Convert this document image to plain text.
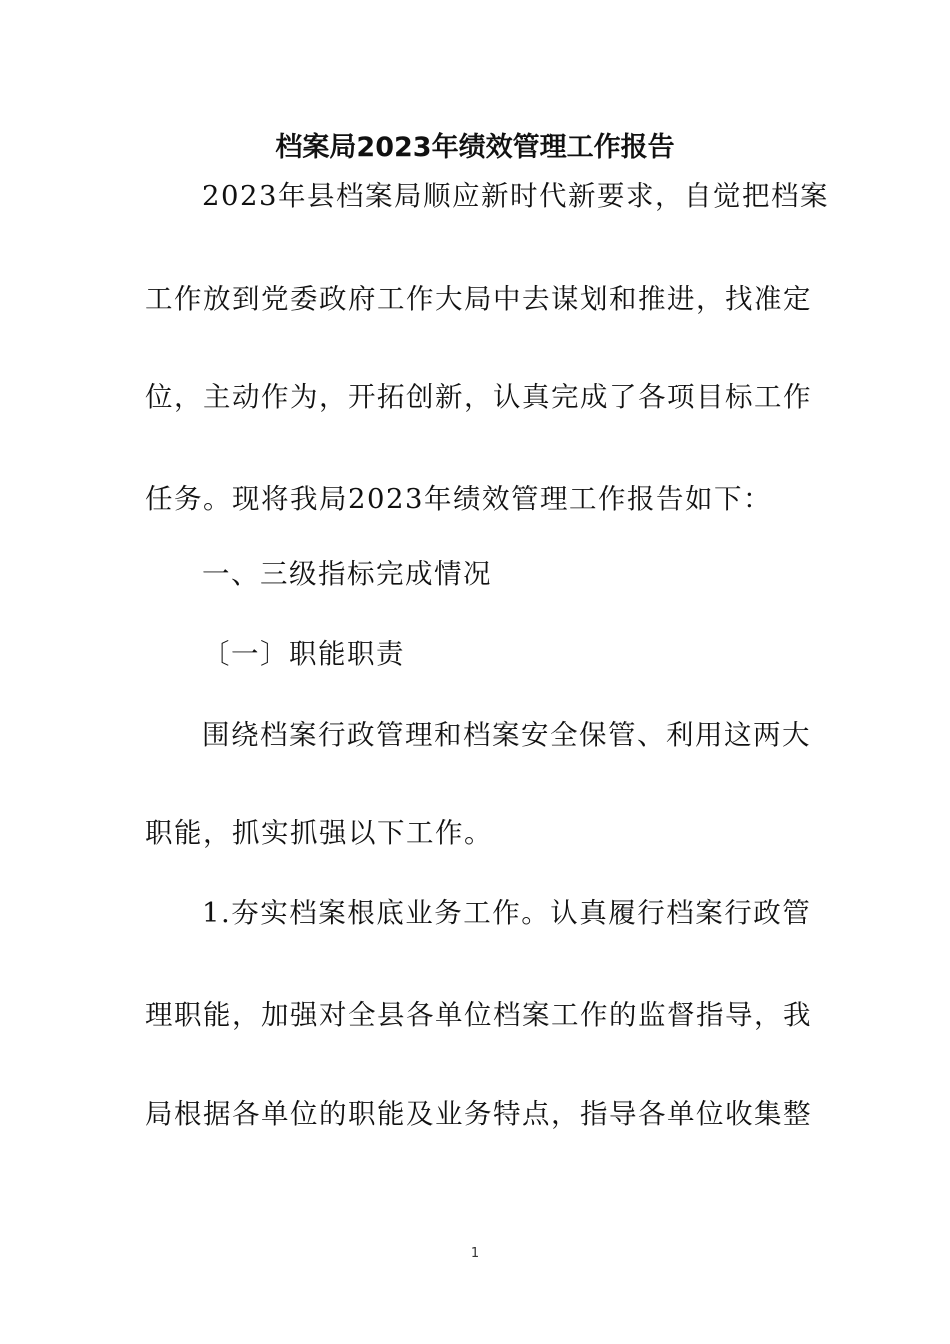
档案局2023年绩效管理工作报告
2023年县档案局顺应新时代新要求，自觉把档案
工作放到党委政府工作大局中去谋划和推进，找准定
位，主动作为，开拓创新，认真完成了各项目标工作
任务。现将我局2023年绩效管理工作报告如下：
一、三级指标完成情况
〔一〕职能职责
围绕档案行政管理和档案安全保管、利用这两大
职能，抓实抓强以下工作。
1.夯实档案根底业务工作。认真履行档案行政管
理职能，加强对全县各单位档案工作的监督指导，我
局根据各单位的职能及业务特点，指导各单位收集整
1
